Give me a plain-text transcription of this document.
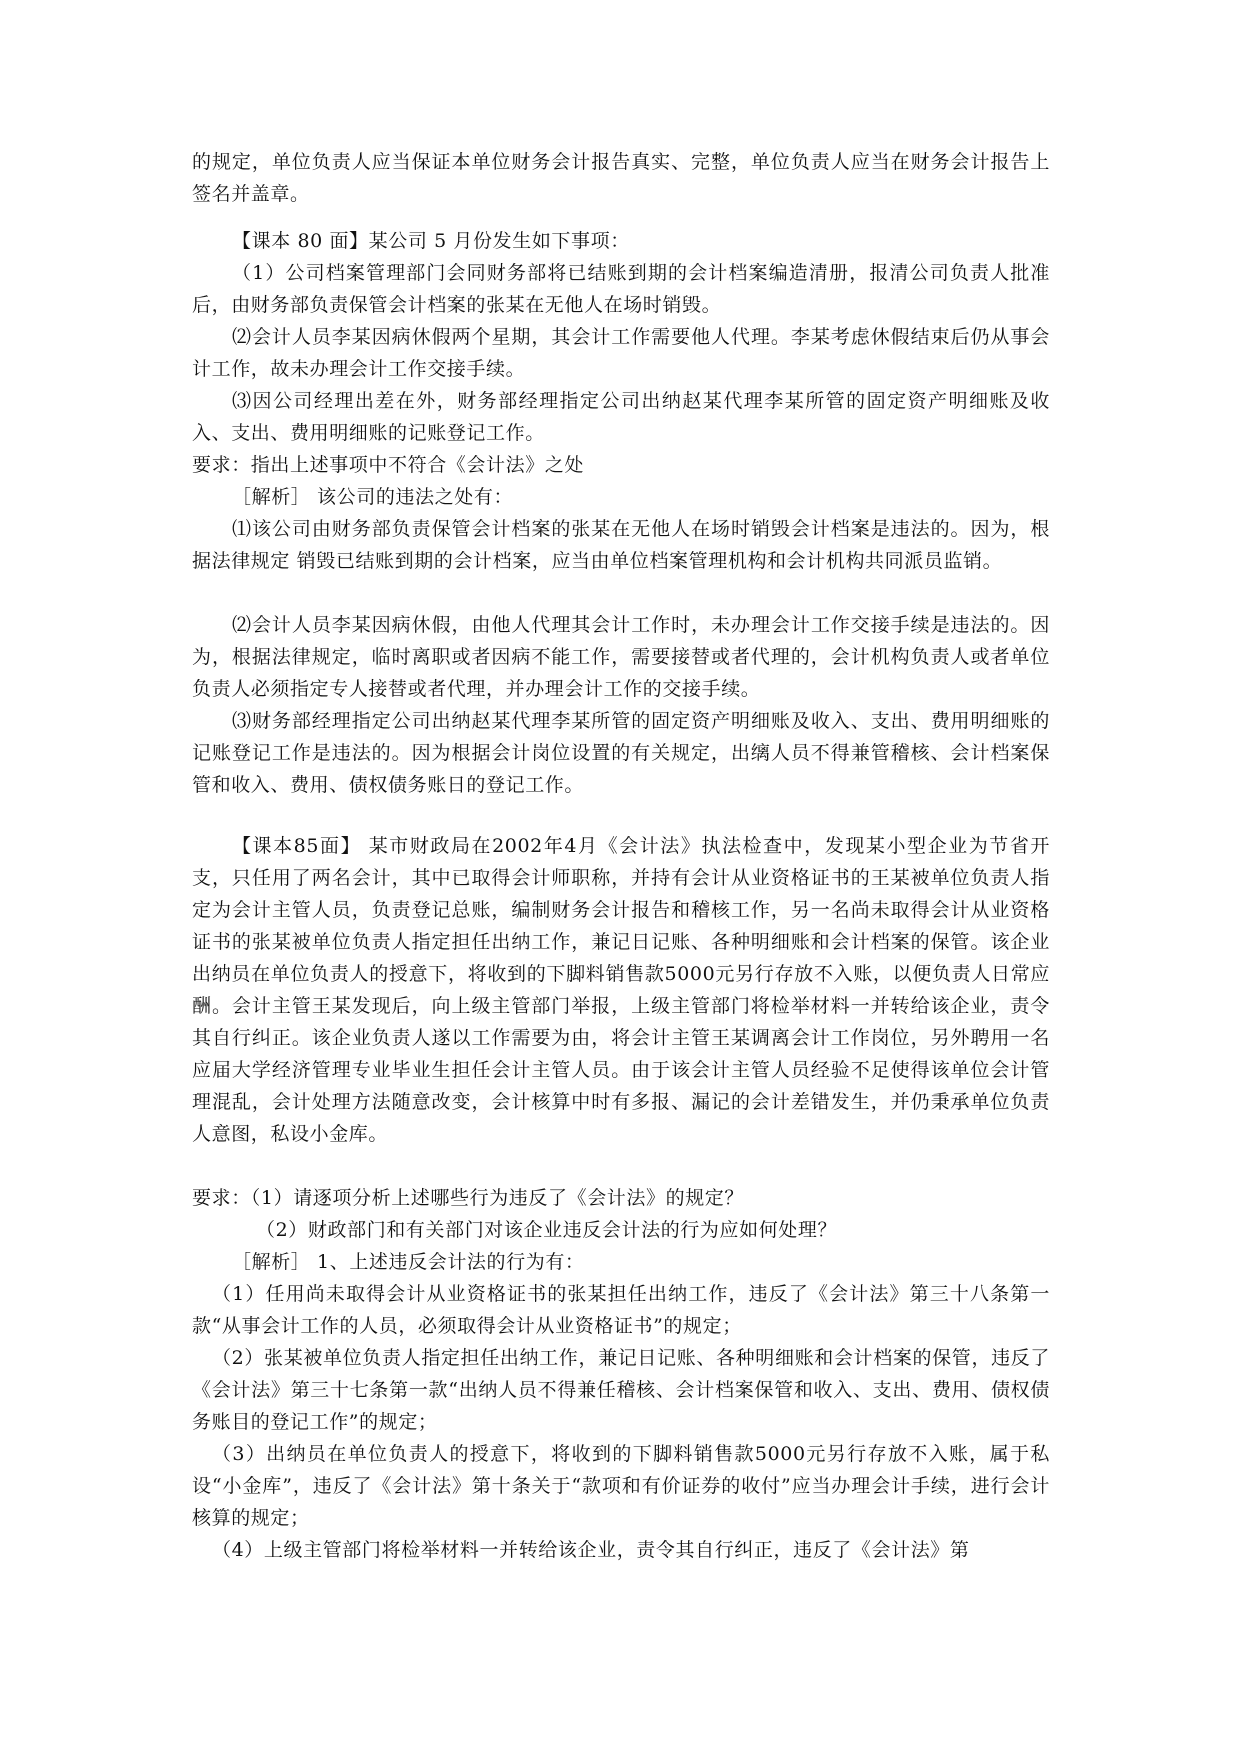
的规定，单位负责人应当保证本单位财务会计报告真实、完整，单位负责人应当在财务会计报告上签名并盖章。

【课本 80 面】某公司 5 月份发生如下事项：

（1）公司档案管理部门会同财务部将已结账到期的会计档案编造清册，报清公司负责人批准后，由财务部负责保管会计档案的张某在无他人在场时销毁。

⑵会计人员李某因病休假两个星期，其会计工作需要他人代理。李某考虑休假结束后仍从事会计工作，故未办理会计工作交接手续。

⑶因公司经理出差在外，财务部经理指定公司出纳赵某代理李某所管的固定资产明细账及收入、支出、费用明细账的记账登记工作。

要求：指出上述事项中不符合《会计法》之处

［解析］ 该公司的违法之处有：

⑴该公司由财务部负责保管会计档案的张某在无他人在场时销毁会计档案是违法的。因为，根据法律规定 销毁已结账到期的会计档案，应当由单位档案管理机构和会计机构共同派员监销。

⑵会计人员李某因病休假，由他人代理其会计工作时，未办理会计工作交接手续是违法的。因为，根据法律规定，临时离职或者因病不能工作，需要接替或者代理的，会计机构负责人或者单位负责人必须指定专人接替或者代理，并办理会计工作的交接手续。

⑶财务部经理指定公司出纳赵某代理李某所管的固定资产明细账及收入、支出、费用明细账的记账登记工作是违法的。因为根据会计岗位设置的有关规定，出缡人员不得兼管稽核、会计档案保管和收入、费用、债权债务账日的登记工作。

【课本85面】 某市财政局在2002年4月《会计法》执法检查中，发现某小型企业为节省开支，只任用了两名会计，其中已取得会计师职称，并持有会计从业资格证书的王某被单位负责人指定为会计主管人员，负责登记总账，编制财务会计报告和稽核工作，另一名尚未取得会计从业资格证书的张某被单位负责人指定担任出纳工作，兼记日记账、各种明细账和会计档案的保管。该企业出纳员在单位负责人的授意下，将收到的下脚料销售款5000元另行存放不入账，以便负责人日常应酬。会计主管王某发现后，向上级主管部门举报，上级主管部门将检举材料一并转给该企业，责令其自行纠正。该企业负责人遂以工作需要为由，将会计主管王某调离会计工作岗位，另外聘用一名应届大学经济管理专业毕业生担任会计主管人员。由于该会计主管人员经验不足使得该单位会计管理混乱，会计处理方法随意改变，会计核算中时有多报、漏记的会计差错发生，并仍秉承单位负责人意图，私设小金库。

要求：（1）请逐项分析上述哪些行为违反了《会计法》的规定？

（2）财政部门和有关部门对该企业违反会计法的行为应如何处理？

［解析］ 1、上述违反会计法的行为有：

（1）任用尚未取得会计从业资格证书的张某担任出纳工作，违反了《会计法》第三十八条第一款“从事会计工作的人员，必须取得会计从业资格证书”的规定；

（2）张某被单位负责人指定担任出纳工作，兼记日记账、各种明细账和会计档案的保管，违反了《会计法》第三十七条第一款“出纳人员不得兼任稽核、会计档案保管和收入、支出、费用、债权债务账目的登记工作”的规定；

（3）出纳员在单位负责人的授意下，将收到的下脚料销售款5000元另行存放不入账，属于私设“小金库”，违反了《会计法》第十条关于“款项和有价证券的收付”应当办理会计手续，进行会计核算的规定；

（4）上级主管部门将检举材料一并转给该企业，责令其自行纠正，违反了《会计法》第
